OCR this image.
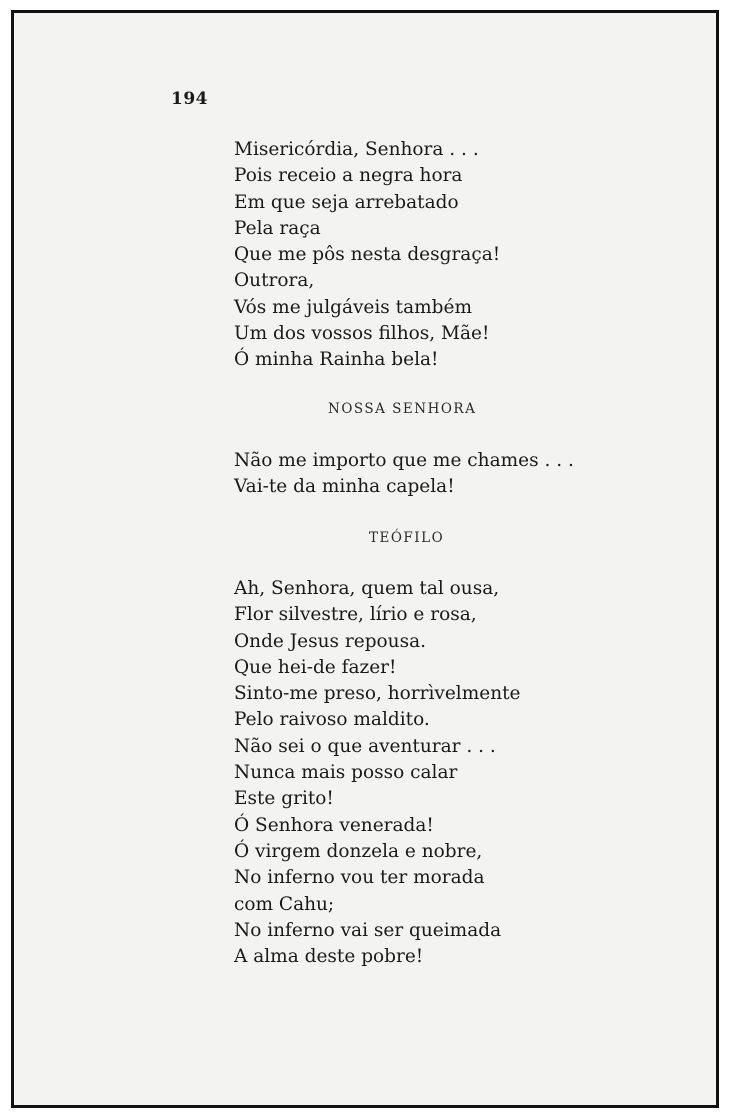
194
Misericórdia, Senhora . . .
Pois receio a negra hora
Em que seja arrebatado
Pela raça
Que me pôs nesta desgraça!
Outrora,
Vós me julgáveis também
Um dos vossos filhos, Mãe!
Ó minha Rainha bela!
NOSSA SENHORA
Não me importo que me chames . . .
Vai-te da minha capela!
TEÓFILO
Ah, Senhora, quem tal ousa,
Flor silvestre, lírio e rosa,
Onde Jesus repousa.
Que hei-de fazer!
Sinto-me preso, horrìvelmente
Pelo raivoso maldito.
Não sei o que aventurar . . .
Nunca mais posso calar
Este grito!
Ó Senhora venerada!
Ó virgem donzela e nobre,
No inferno vou ter morada
com Cahu;
No inferno vai ser queimada
A alma deste pobre!
